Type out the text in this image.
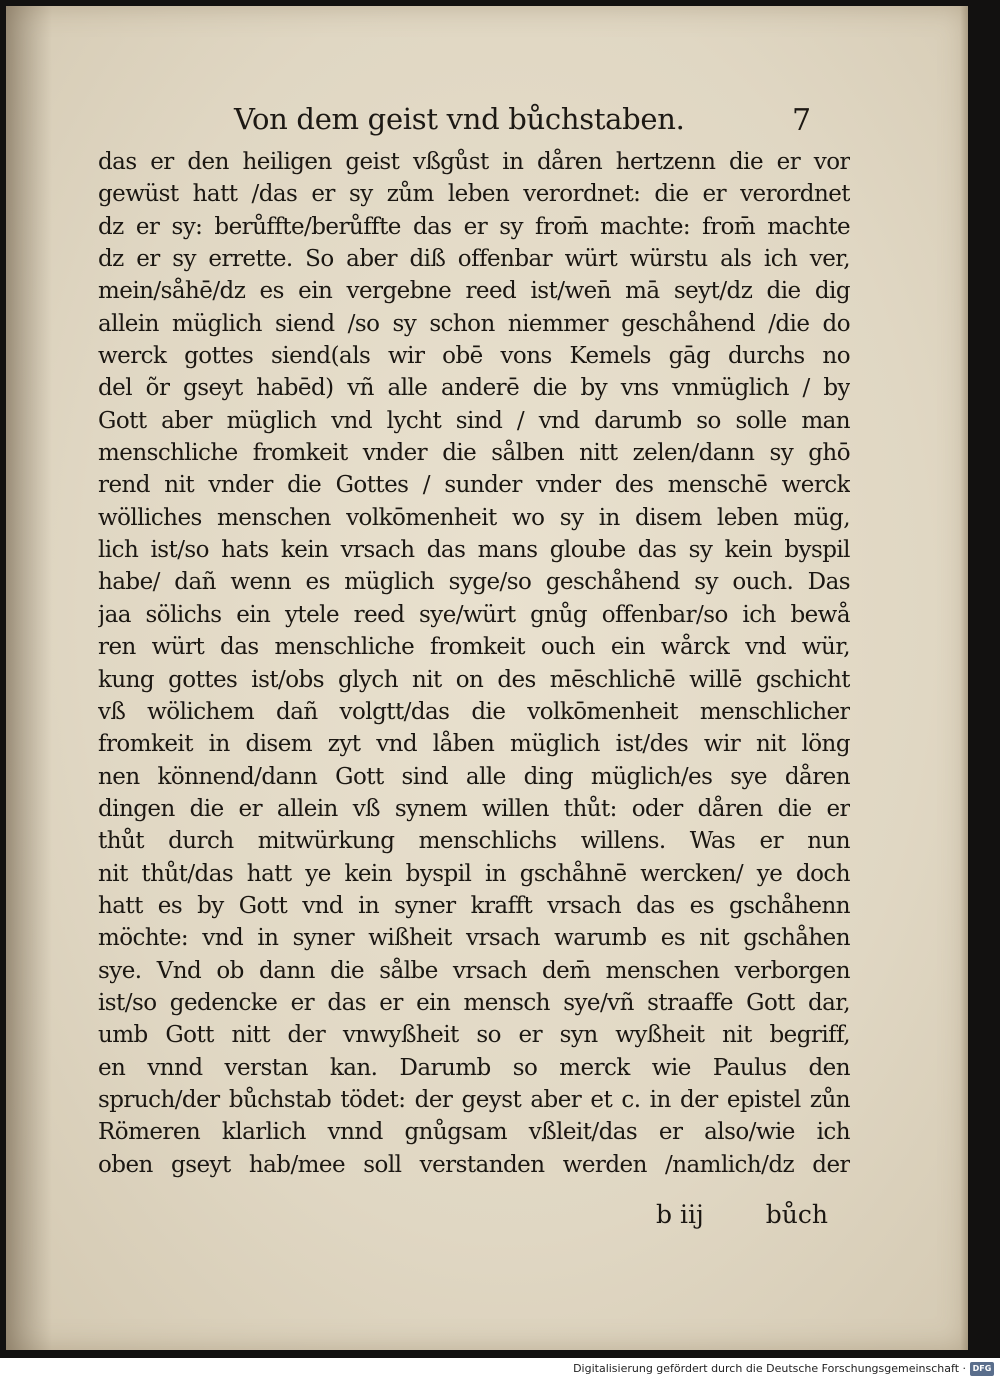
Von dem geist vnd bůchstaben.	7
das er den heiligen geist vßgůst in dåren hertzenn die er vor
gewüst hatt /das er sy zům leben verordnet: die er verordnet
dz er sy: berůffte/berůffte das er sy from̄ machte: from̄ machte
dz er sy errette. So aber diß offenbar würt würstu als ich ver,
mein/såhē/dz es ein vergebne reed ist/wen̄ mā seyt/dz die dig
allein müglich siend /so sy schon niemmer geschåhend /die do
werck gottes siend(als wir obē vons Kemels gāg durchs no
del õr gseyt habēd) vñ alle anderē die by vns vnmüglich / by
Gott aber müglich vnd lycht sind / vnd darumb so solle man
menschliche fromkeit vnder die sålben nitt zelen/dann sy ghō
rend nit vnder die Gottes / sunder vnder des menschē werck
wölliches menschen volkōmenheit wo sy in disem leben müg,
lich ist/so hats kein vrsach das mans gloube das sy kein byspil
habe/ dañ wenn es müglich syge/so geschåhend sy ouch. Das
jaa sölichs ein ytele reed sye/würt gnůg offenbar/so ich bewå
ren würt das menschliche fromkeit ouch ein wårck vnd wür,
kung gottes ist/obs glych nit on des mēschlichē willē gschicht
vß wölichem dañ volgtt/das die volkōmenheit menschlicher
fromkeit in disem zyt vnd låben müglich ist/des wir nit löng
nen könnend/dann Gott sind alle ding müglich/es sye dåren
dingen die er allein vß synem willen thůt: oder dåren die er
thůt durch mitwürkung menschlichs willens. Was er nun
nit thůt/das hatt ye kein byspil in gschåhnē wercken/ ye doch
hatt es by Gott vnd in syner krafft vrsach das es gschåhenn
möchte: vnd in syner wißheit vrsach warumb es nit gschåhen
sye. Vnd ob dann die sålbe vrsach dem̄ menschen verborgen
ist/so gedencke er das er ein mensch sye/vñ straaffe Gott dar,
umb Gott nitt der vnwyßheit so er syn wyßheit nit begriff,
en vnnd verstan kan. Darumb so merck wie Paulus den
spruch/der bůchstab tödet: der geyst aber et c. in der epistel zůn
Römeren klarlich vnnd gnůgsam vßleit/das er also/wie ich
oben gseyt hab/mee soll verstanden werden /namlich/dz der
b iij bůch
Digitalisierung gefördert durch die Deutsche Forschungsgemeinschaft · DFG
